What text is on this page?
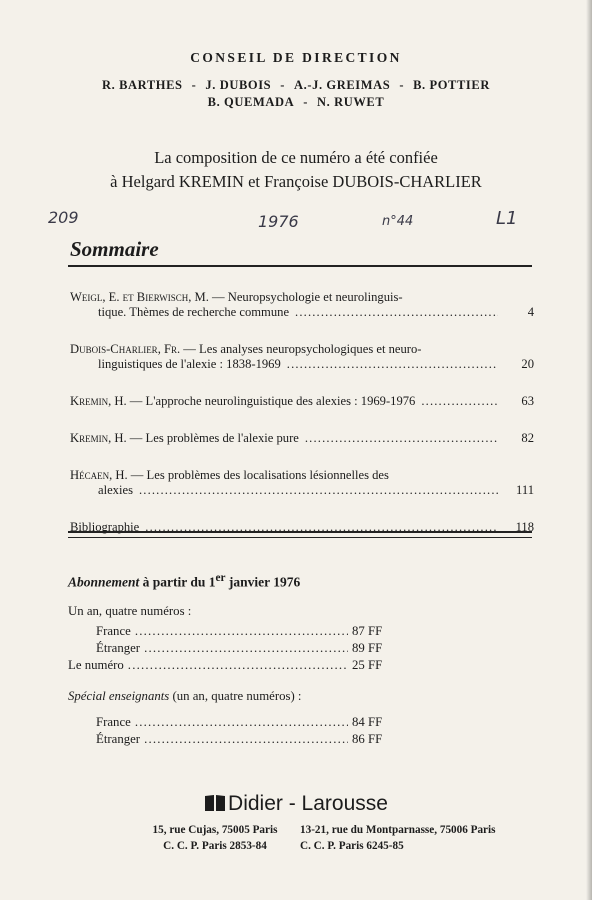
CONSEIL DE DIRECTION
R. BARTHES - J. DUBOIS - A.-J. GREIMAS - B. POTTIER
B. QUEMADA - N. RUWET
La composition de ce numéro a été confiée
à Helgard KREMIN et Françoise DUBOIS-CHARLIER
209	1976	n°44	L1
Sommaire
Weigl, E. et Bierwisch, M. — Neuropsychologie et neurolinguis-
tique. Thèmes de recherche commune . . .	4
Dubois-Charlier, Fr. — Les analyses neuropsychologiques et neuro-
linguistiques de l'alexie : 1838-1969 . . .	20
Kremin, H. — L'approche neurolinguistique des alexies : 1969-1976 . . .	63
Kremin, H. — Les problèmes de l'alexie pure . . .	82
Hécaen, H. — Les problèmes des localisations lésionnelles des
alexies . . .	111
Bibliographie . . .	118
Abonnement à partir du 1er janvier 1976
Un an, quatre numéros :
France . . .	87 FF
Étranger . . .	89 FF
Le numéro . . .	25 FF
Spécial enseignants (un an, quatre numéros) :
France . . .	84 FF
Étranger . . .	86 FF
Didier - Larousse
15, rue Cujas, 75005 Paris
C. C. P. Paris 2853-84
13-21, rue du Montparnasse, 75006 Paris
C. C. P. Paris 6245-85
